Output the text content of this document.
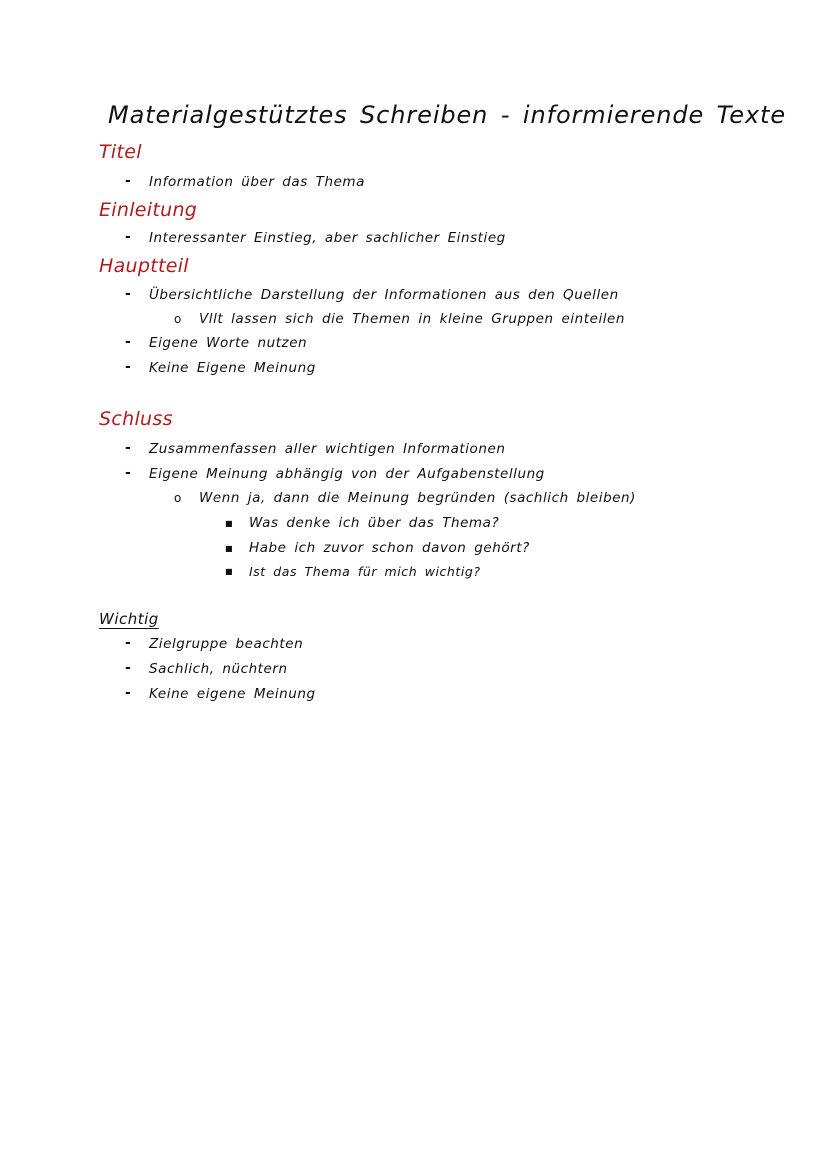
Materialgestütztes Schreiben - informierende Texte
Titel
- Information über das Thema
Einleitung
- Interessanter Einstieg, aber sachlicher Einstieg
Hauptteil
- Übersichtliche Darstellung der Informationen aus den Quellen
o Vllt lassen sich die Themen in kleine Gruppen einteilen
- Eigene Worte nutzen
- Keine Eigene Meinung
Schluss
- Zusammenfassen aller wichtigen Informationen
- Eigene Meinung abhängig von der Aufgabenstellung
o Wenn ja, dann die Meinung begründen (sachlich bleiben)
■ Was denke ich über das Thema?
■ Habe ich zuvor schon davon gehört?
■ Ist das Thema für mich wichtig?
Wichtig
- Zielgruppe beachten
- Sachlich, nüchtern
- Keine eigene Meinung
